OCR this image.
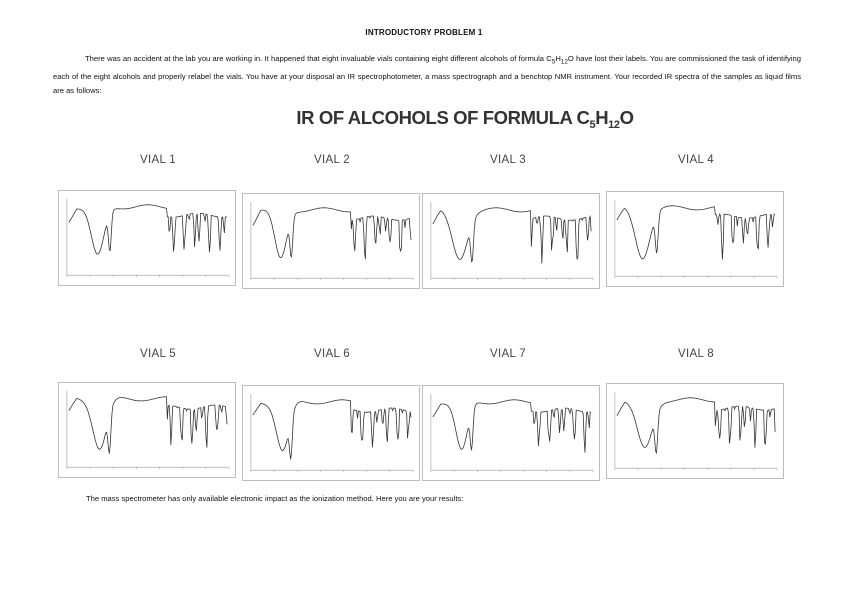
INTRODUCTORY PROBLEM 1
There was an accident at the lab you are working in. It happened that eight invaluable vials containing eight different alcohols of formula $C_5H_{12}O$ have lost their labels. You are commissioned the task of identifying each of the eight alcohols and properly relabel the vials. You have at your disposal an IR spectrophotometer, a mass spectrograph and a benchtop NMR instrument. Your recorded IR spectra of the samples as liquid films are as follows:
IR OF ALCOHOLS OF FORMULA $C_5H_{12}O$
VIAL 1	VIAL 2	VIAL 3	VIAL 4
VIAL 5	VIAL 6	VIAL 7	VIAL 8
The mass spectrometer has only available electronic impact as the ionization method. Here you are your results:
